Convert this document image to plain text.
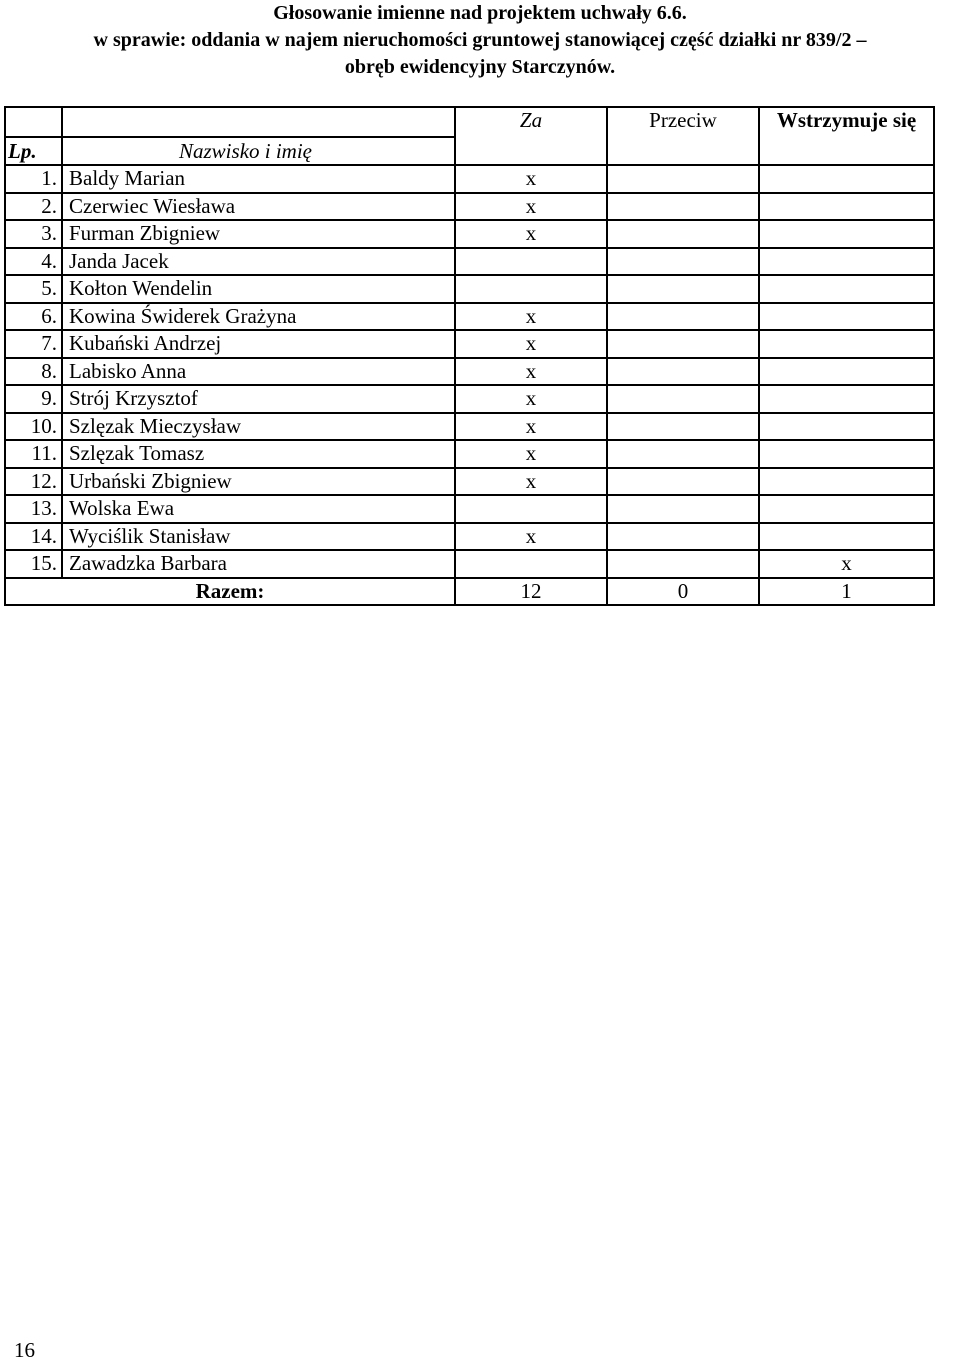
Głosowanie imienne nad projektem uchwały 6.6.
w sprawie: oddania w najem nieruchomości gruntowej stanowiącej część działki nr 839/2 –
obręb ewidencyjny Starczynów.
		Za	Przeciw	Wstrzymuje się
Lp.	Nazwisko i imię			
1.	Baldy Marian	x		
2.	Czerwiec Wiesława	x		
3.	Furman Zbigniew	x		
4.	Janda Jacek			
5.	Kołton Wendelin			
6.	Kowina Świderek Grażyna	x		
7.	Kubański Andrzej	x		
8.	Labisko Anna	x		
9.	Strój Krzysztof	x		
10.	Szlęzak Mieczysław	x		
11.	Szlęzak Tomasz	x		
12.	Urbański Zbigniew	x		
13.	Wolska Ewa			
14.	Wyciślik Stanisław	x		
15.	Zawadzka Barbara			x
Razem:		12	0	1
16
